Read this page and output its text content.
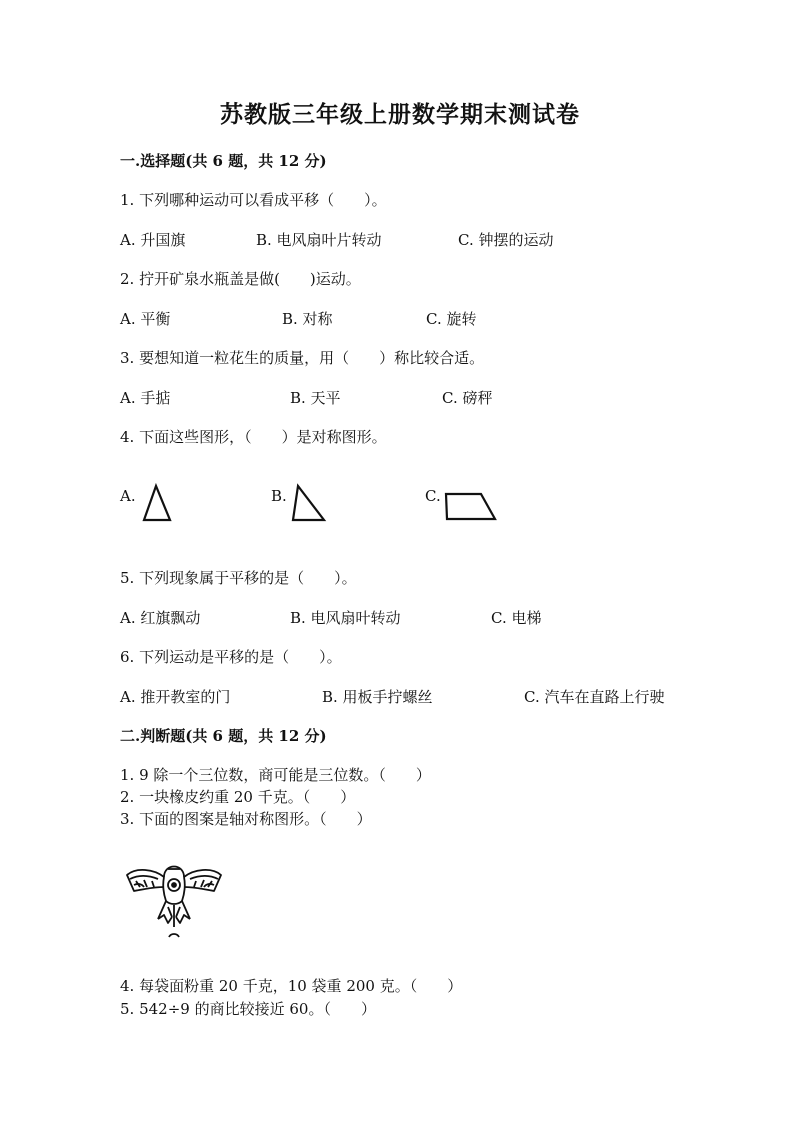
苏教版三年级上册数学期末测试卷
一.选择题(共 6 题，共 12 分)
1. 下列哪种运动可以看成平移（　　）。
A. 升国旗	B. 电风扇叶片转动	C. 钟摆的运动
2. 拧开矿泉水瓶盖是做(　　)运动。
A. 平衡	B. 对称	C. 旋转
3. 要想知道一粒花生的质量，用（　　）称比较合适。
A. 手掂	B. 天平	C. 磅秤
4. 下面这些图形，（　　）是对称图形。
A.	B.	C.
5. 下列现象属于平移的是（　　）。
A. 红旗飘动	B. 电风扇叶转动	C. 电梯
6. 下列运动是平移的是（　　）。
A. 推开教室的门	B. 用板手拧螺丝	C. 汽车在直路上行驶
二.判断题(共 6 题，共 12 分)
1. 9 除一个三位数，商可能是三位数。（　　）
2. 一块橡皮约重 20 千克。（　　）
3. 下面的图案是轴对称图形。（　　）
4. 每袋面粉重 20 千克，10 袋重 200 克。（　　）
5. 542÷9 的商比较接近 60。（　　）
